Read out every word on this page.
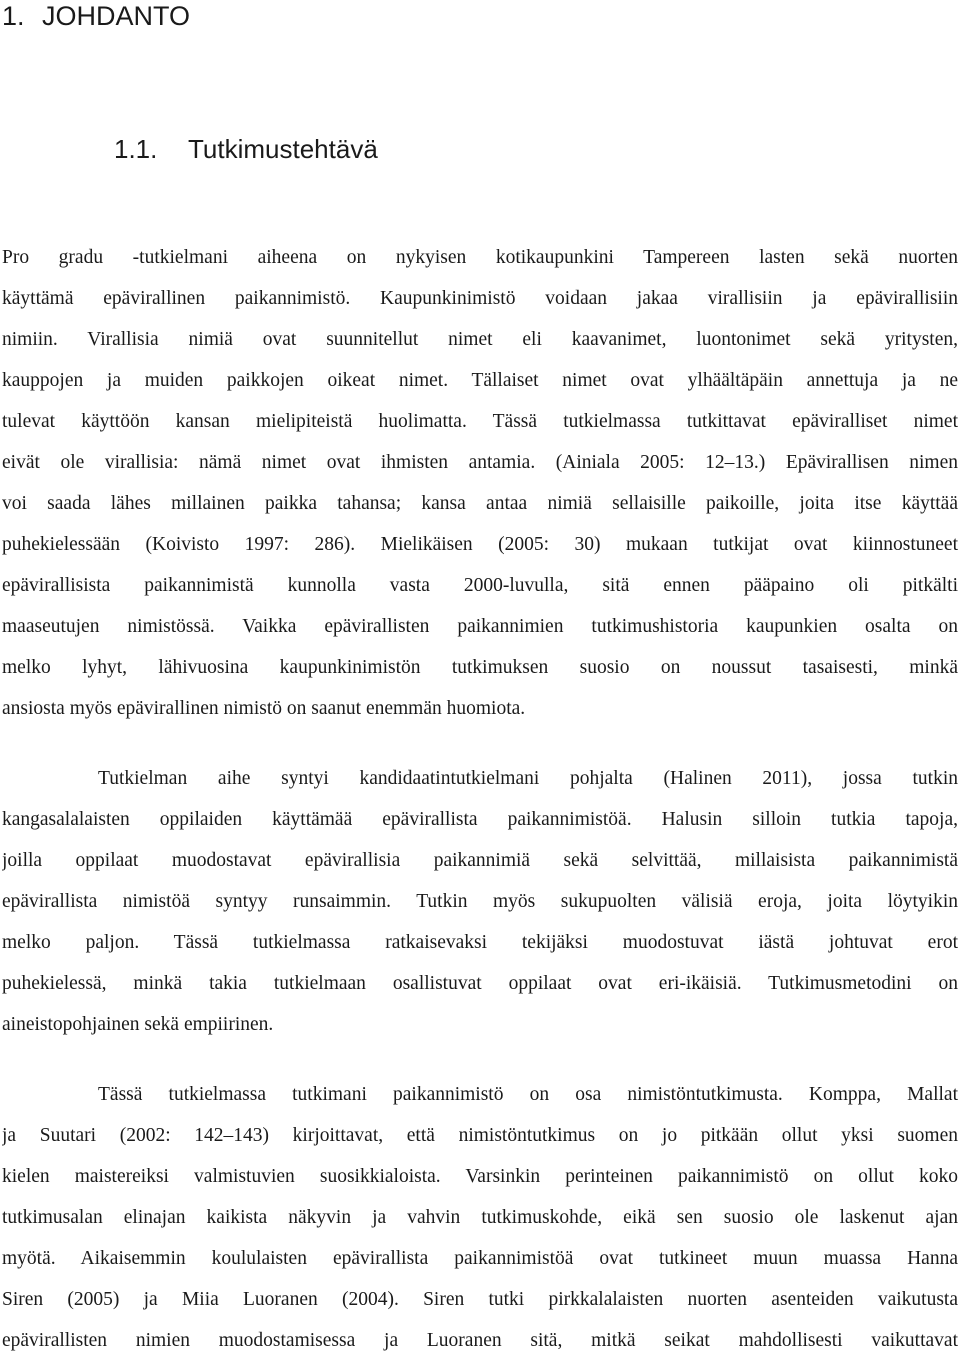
1. JOHDANTO
1.1. Tutkimustehtävä
Pro gradu -tutkielmani aiheena on nykyisen kotikaupunkini Tampereen lasten sekä nuorten
käyttämä epävirallinen paikannimistö. Kaupunkinimistö voidaan jakaa virallisiin ja epävirallisiin
nimiin. Virallisia nimiä ovat suunnitellut nimet eli kaavanimet, luontonimet sekä yritysten,
kauppojen ja muiden paikkojen oikeat nimet. Tällaiset nimet ovat ylhäältäpäin annettuja ja ne
tulevat käyttöön kansan mielipiteistä huolimatta. Tässä tutkielmassa tutkittavat epäviralliset nimet
eivät ole virallisia: nämä nimet ovat ihmisten antamia. (Ainiala 2005: 12–13.) Epävirallisen nimen
voi saada lähes millainen paikka tahansa; kansa antaa nimiä sellaisille paikoille, joita itse käyttää
puhekielessään (Koivisto 1997: 286). Mielikäisen (2005: 30) mukaan tutkijat ovat kiinnostuneet
epävirallisista paikannimistä kunnolla vasta 2000-luvulla, sitä ennen pääpaino oli pitkälti
maaseutujen nimistössä. Vaikka epävirallisten paikannimien tutkimushistoria kaupunkien osalta on
melko lyhyt, lähivuosina kaupunkinimistön tutkimuksen suosio on noussut tasaisesti, minkä
ansiosta myös epävirallinen nimistö on saanut enemmän huomiota.
Tutkielman aihe syntyi kandidaatintutkielmani pohjalta (Halinen 2011), jossa tutkin
kangasalalaisten oppilaiden käyttämää epävirallista paikannimistöä. Halusin silloin tutkia tapoja,
joilla oppilaat muodostavat epävirallisia paikannimiä sekä selvittää, millaisista paikannimistä
epävirallista nimistöä syntyy runsaimmin. Tutkin myös sukupuolten välisiä eroja, joita löytyikin
melko paljon. Tässä tutkielmassa ratkaisevaksi tekijäksi muodostuvat iästä johtuvat erot
puhekielessä, minkä takia tutkielmaan osallistuvat oppilaat ovat eri-ikäisiä. Tutkimusmetodini on
aineistopohjainen sekä empiirinen.
Tässä tutkielmassa tutkimani paikannimistö on osa nimistöntutkimusta. Komppa, Mallat
ja Suutari (2002: 142–143) kirjoittavat, että nimistöntutkimus on jo pitkään ollut yksi suomen
kielen maistereiksi valmistuvien suosikkialoista. Varsinkin perinteinen paikannimistö on ollut koko
tutkimusalan elinajan kaikista näkyvin ja vahvin tutkimuskohde, eikä sen suosio ole laskenut ajan
myötä. Aikaisemmin koululaisten epävirallista paikannimistöä ovat tutkineet muun muassa Hanna
Siren (2005) ja Miia Luoranen (2004). Siren tutki pirkkalalaisten nuorten asenteiden vaikutusta
epävirallisten nimien muodostamisessa ja Luoranen sitä, mitkä seikat mahdollisesti vaikuttavat
